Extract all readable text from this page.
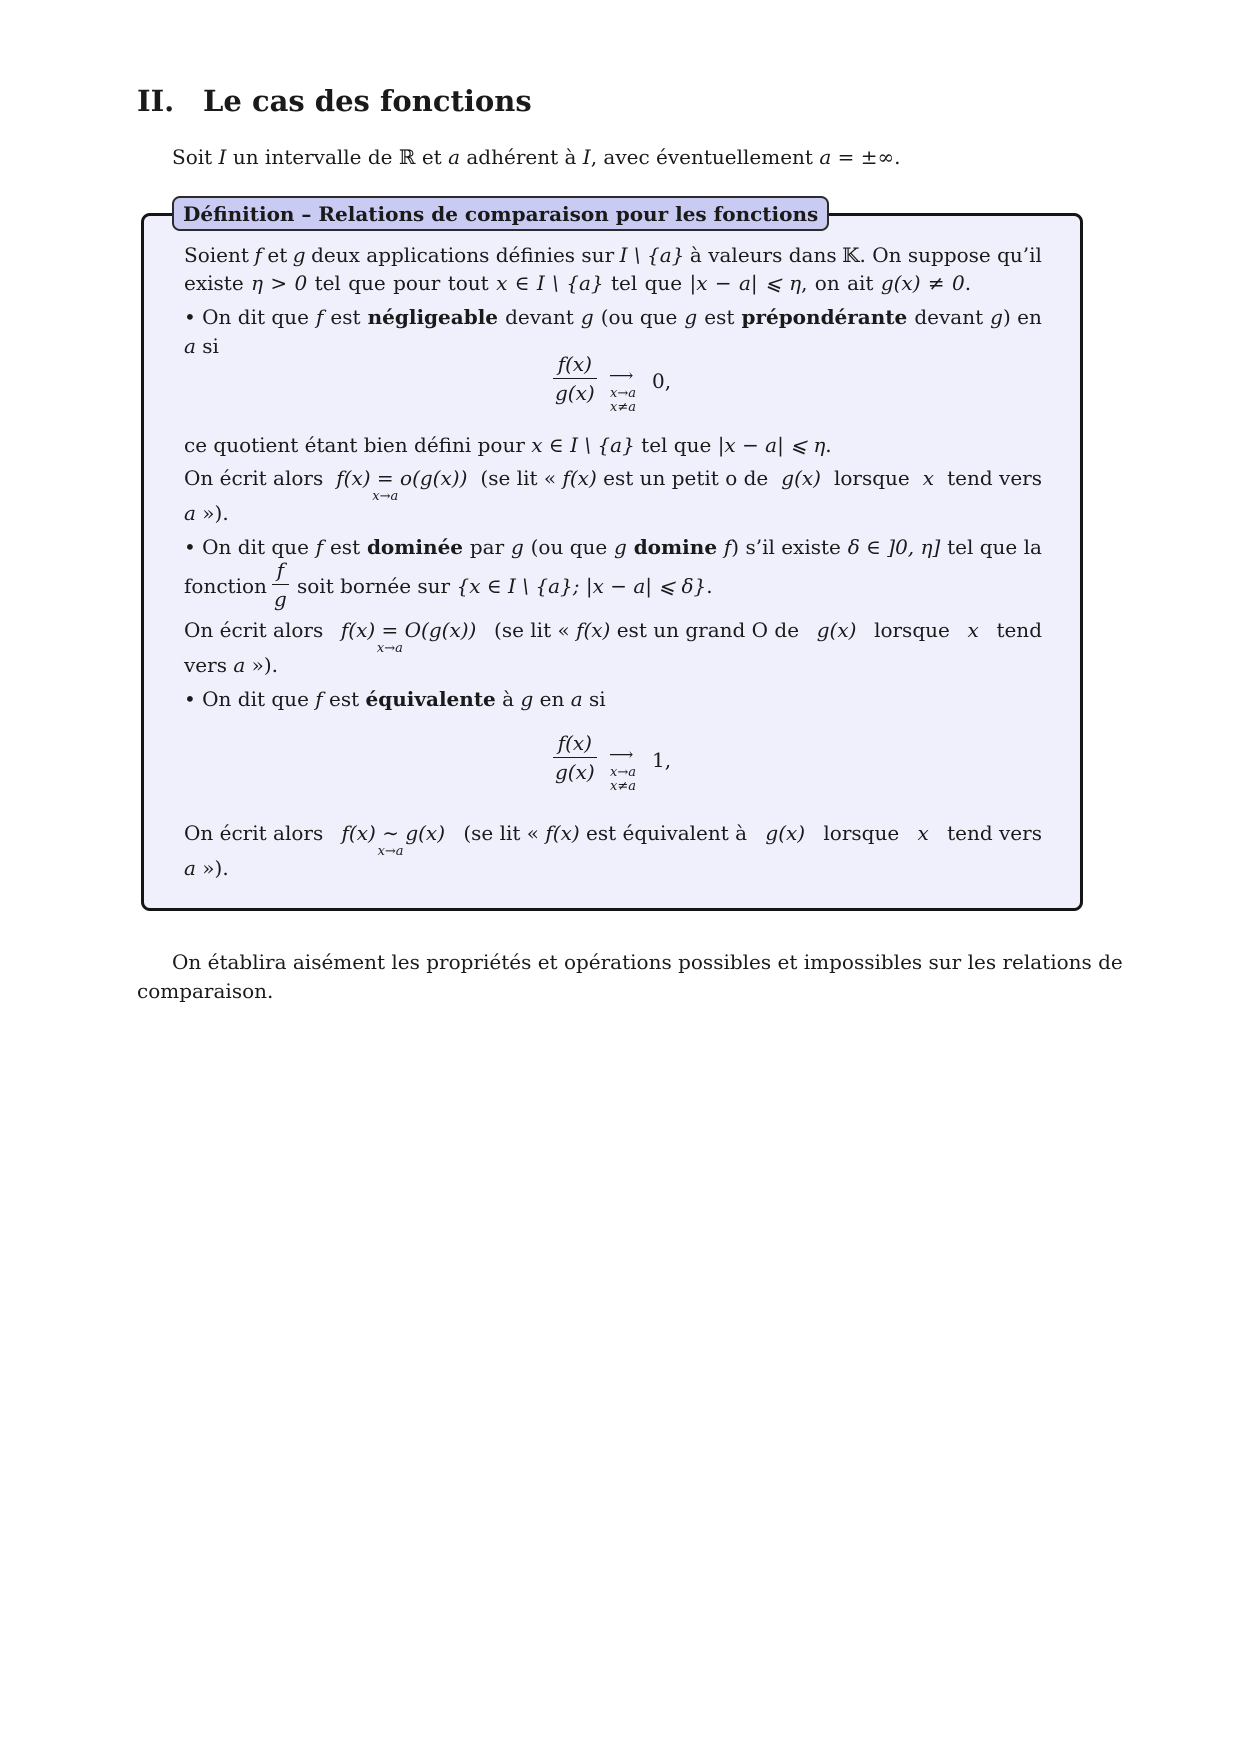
II. Le cas des fonctions
Soit I un intervalle de ℝ et a adhérent à I, avec éventuellement a = ±∞.
Définition – Relations de comparaison pour les fonctions
Soient f et g deux applications définies sur I \ {a} à valeurs dans 𝕂. On suppose qu’il
existe η > 0 tel que pour tout x ∈ I \ {a} tel que |x − a| ⩽ η, on ait g(x) ≠ 0.
• On dit que f est négligeable devant g (ou que g est prépondérante devant g) en
a si
$\frac{f(x)}{g(x)}$ ⟶
x→a
x≠a
0,
ce quotient étant bien défini pour x ∈ I \ {a} tel que |x − a| ⩽ η.
On écrit alors f(x) =
x→a
o(g(x)) (se lit « f(x) est un petit o de g(x) lorsque x tend vers
a »).
• On dit que f est dominée par g (ou que g domine f) s’il existe δ ∈ ]0, η] tel que la
fonction $\frac{f}{g}$ soit bornée sur {x ∈ I \ {a}; |x − a| ⩽ δ}.
On écrit alors f(x) =
x→a
O(g(x)) (se lit « f(x) est un grand O de g(x) lorsque x tend
vers a »).
• On dit que f est équivalente à g en a si
$\frac{f(x)}{g(x)}$ ⟶
x→a
x≠a
1,
On écrit alors f(x) ∼
x→a
g(x) (se lit « f(x) est équivalent à g(x) lorsque x tend vers
a »).
On établira aisément les propriétés et opérations possibles et impossibles sur les relations de
comparaison.
